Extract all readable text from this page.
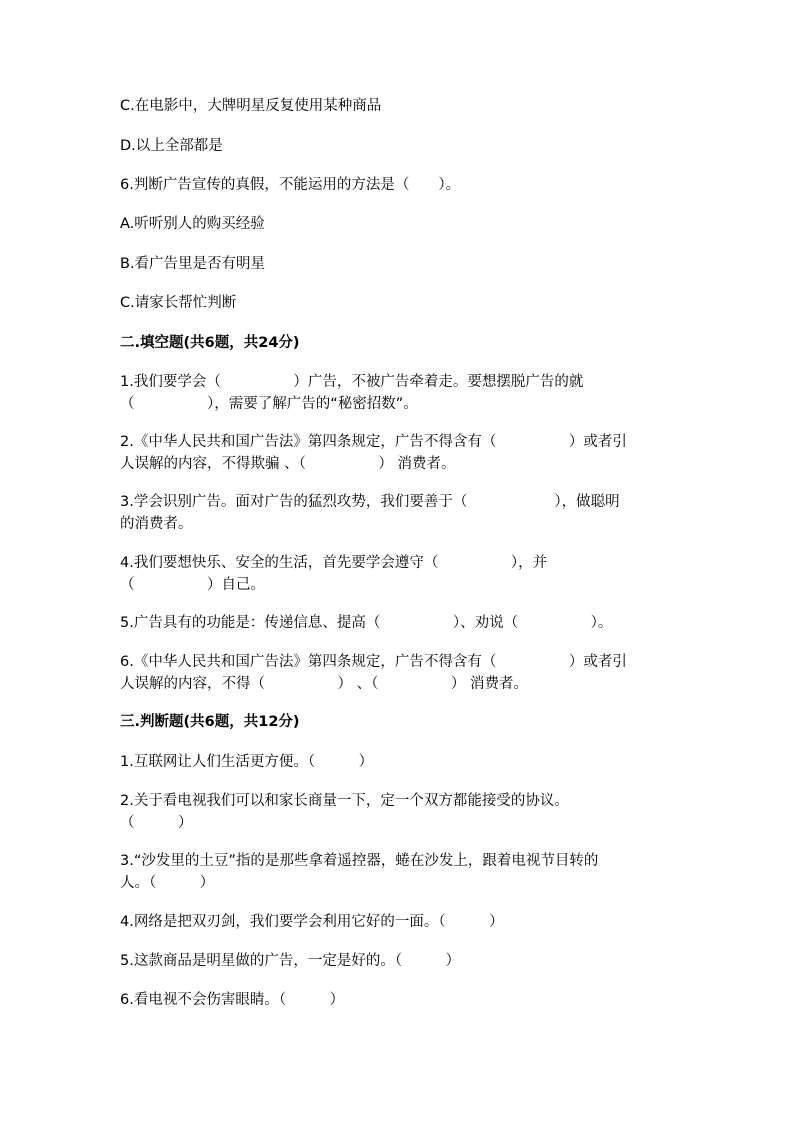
C.在电影中，大牌明星反复使用某种商品
D.以上全部都是
6.判断广告宣传的真假，不能运用的方法是（　　）。
A.听听别人的购买经验
B.看广告里是否有明星
C.请家长帮忙判断
二.填空题(共6题，共24分)
1.我们要学会（　　　　　）广告，不被广告牵着走。要想摆脱广告的就
（　　　　　），需要了解广告的“秘密招数”。
2.《中华人民共和国广告法》第四条规定，广告不得含有（　　　　　）或者引
人误解的内容，不得欺骗 、（　　　　　） 消费者。
3.学会识别广告。面对广告的猛烈攻势，我们要善于（　　　　　　），做聪明
的消费者。
4.我们要想快乐、安全的生活，首先要学会遵守（　　　　　），并
（　　　　　）自己。
5.广告具有的功能是：传递信息、提高（　　　　　）、劝说（　　　　　）。
6.《中华人民共和国广告法》第四条规定，广告不得含有（　　　　　）或者引
人误解的内容，不得（　　　　　） 、（　　　　　） 消费者。
三.判断题(共6题，共12分)
1.互联网让人们生活更方便。（　　　）
2.关于看电视我们可以和家长商量一下，定一个双方都能接受的协议。
（　　　）
3.“沙发里的土豆”指的是那些拿着遥控器，蜷在沙发上，跟着电视节目转的
人。（　　　）
4.网络是把双刃剑，我们要学会利用它好的一面。（　　　）
5.这款商品是明星做的广告，一定是好的。（　　　）
6.看电视不会伤害眼睛。（　　　）
